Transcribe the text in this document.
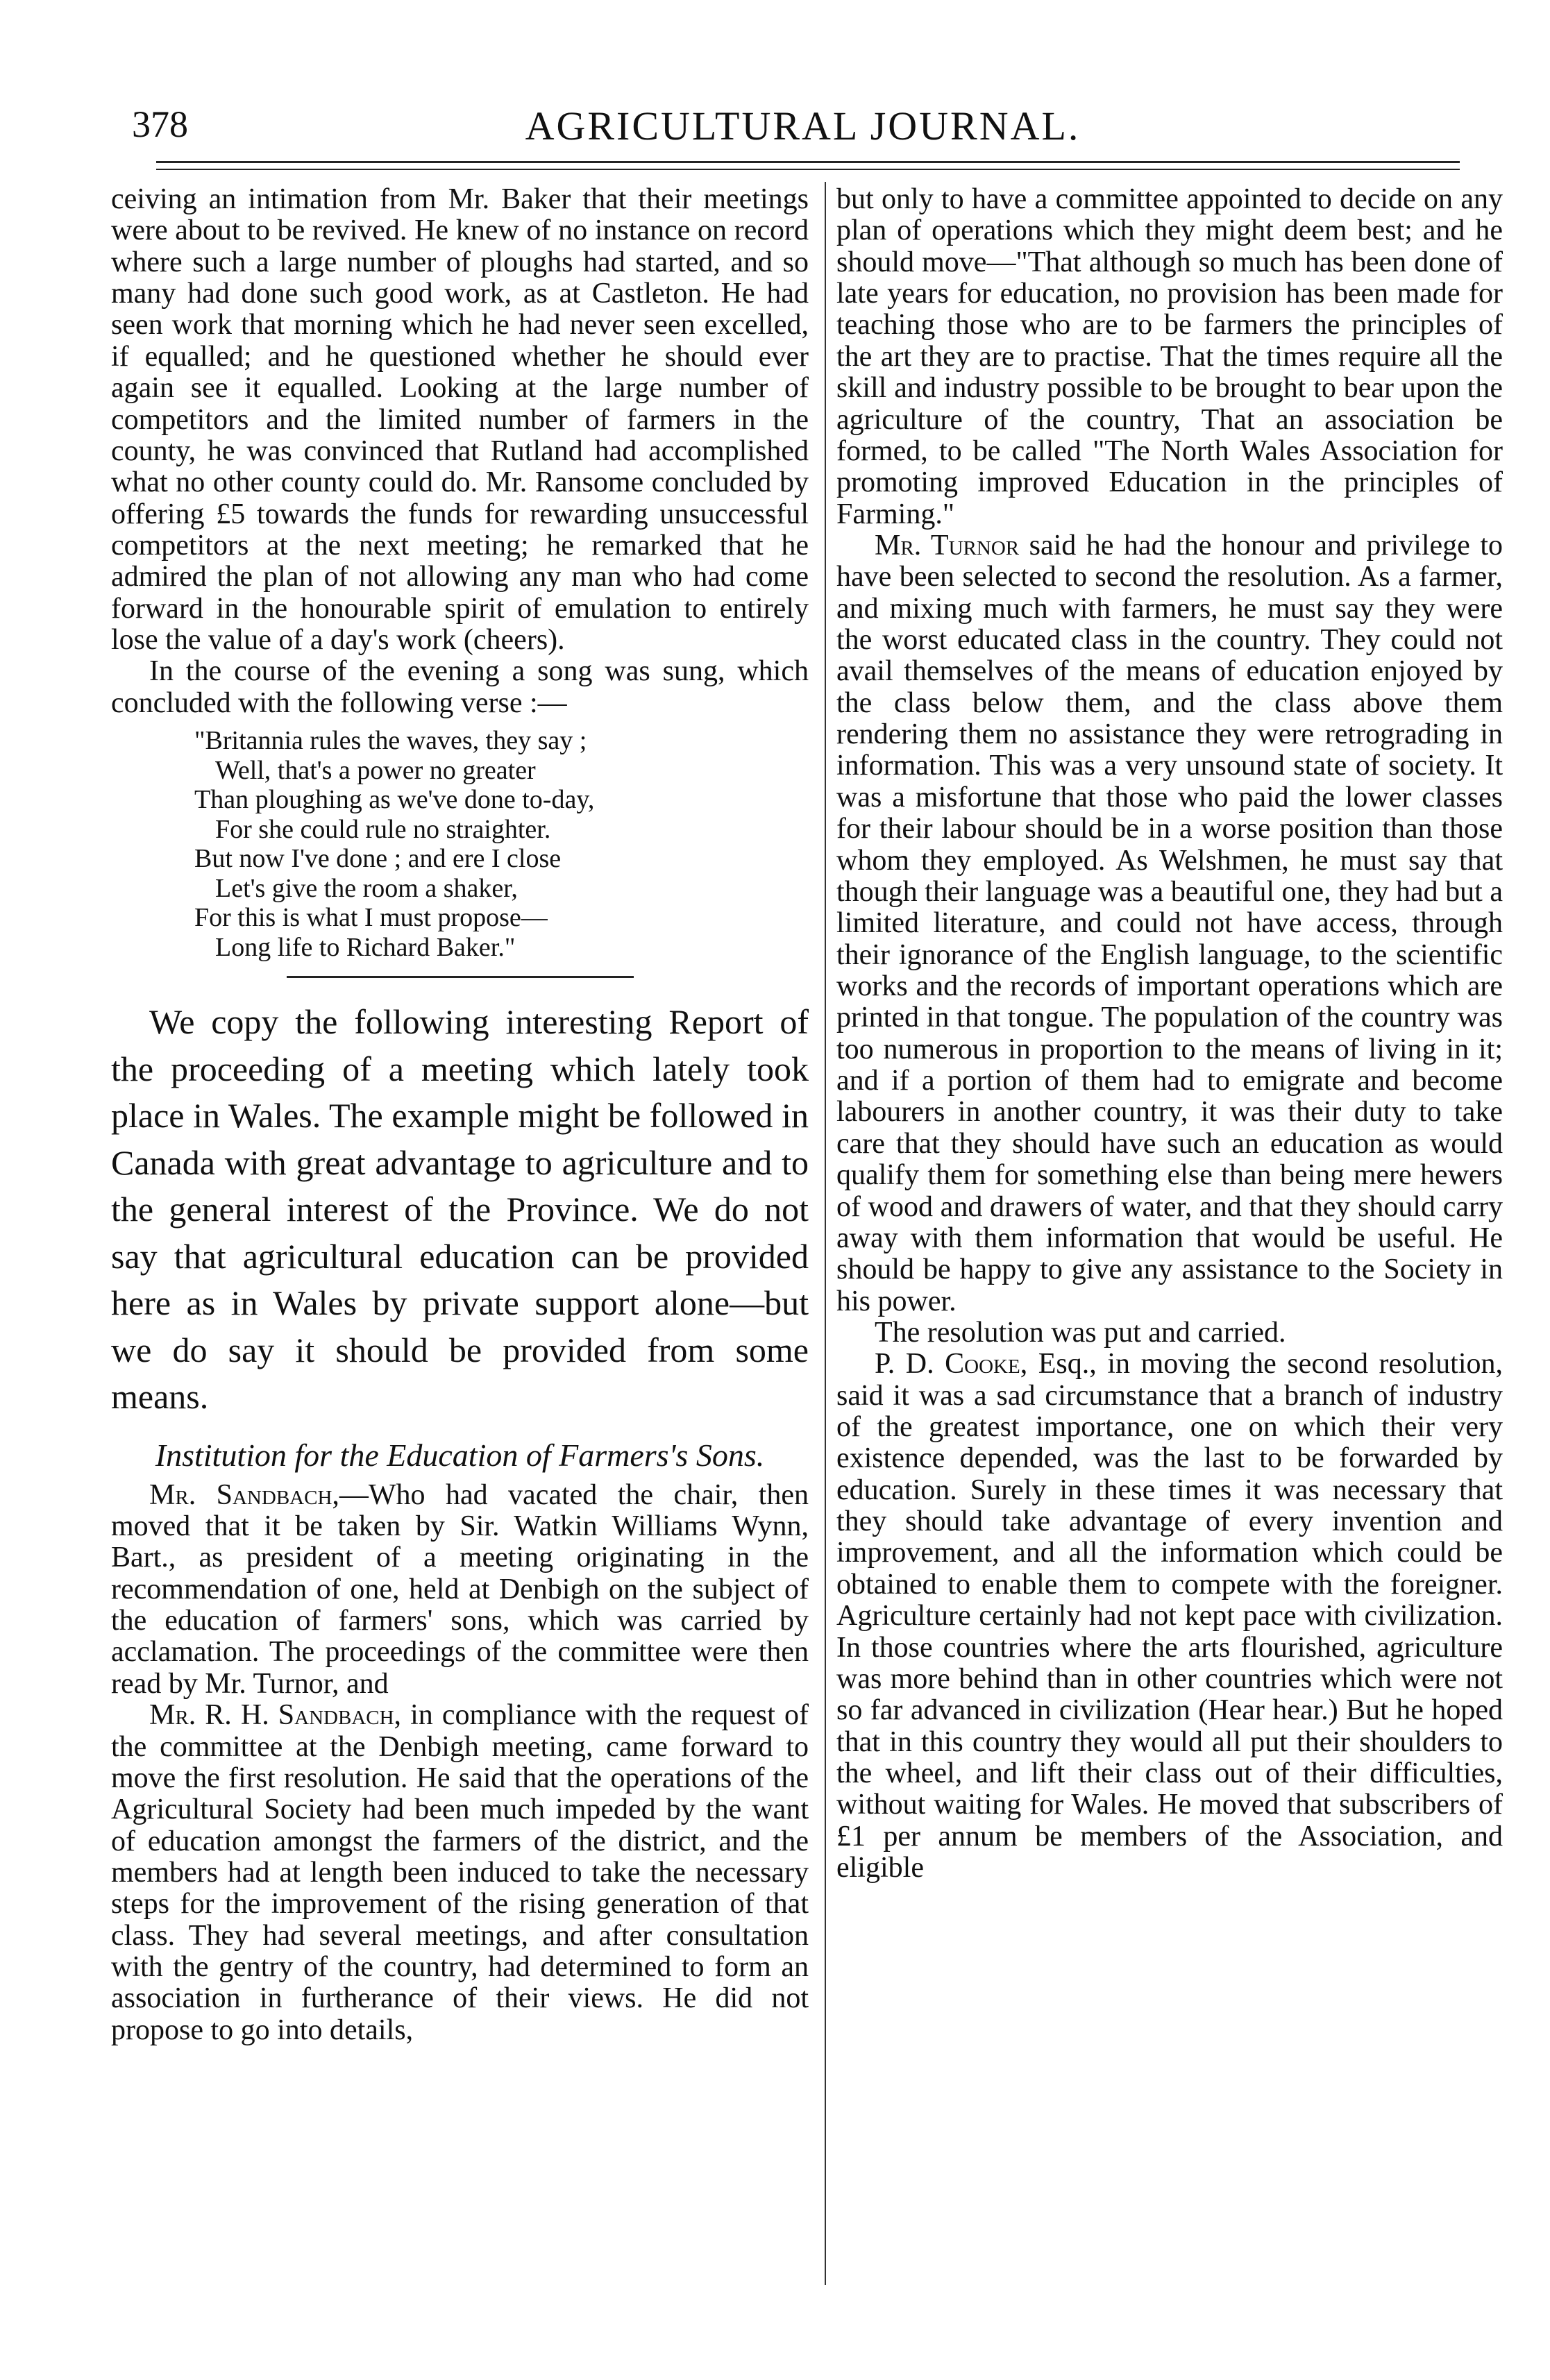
378	AGRICULTURAL JOURNAL.

ceiving an intimation from Mr. Baker that their meetings were about to be revived. He knew of no instance on record where such a large number of ploughs had started, and so many had done such good work, as at Castleton. He had seen work that morning which he had never seen excelled, if equalled; and he questioned whether he should ever again see it equalled. Looking at the large number of competitors and the limited number of farmers in the county, he was convinced that Rutland had accomplished what no other county could do. Mr. Ransome concluded by offering £5 towards the funds for rewarding unsuccessful competitors at the next meeting; he remarked that he admired the plan of not allowing any man who had come forward in the honourable spirit of emulation to entirely lose the value of a day's work (cheers).

In the course of the evening a song was sung, which concluded with the following verse :—

"Britannia rules the waves, they say ;
Well, that's a power no greater
Than ploughing as we've done to-day,
For she could rule no straighter.
But now I've done ; and ere I close
Let's give the room a shaker,
For this is what I must propose—
Long life to Richard Baker."

We copy the following interesting Report of the proceeding of a meeting which lately took place in Wales. The example might be followed in Canada with great advantage to agriculture and to the general interest of the Province. We do not say that agricultural education can be provided here as in Wales by private support alone—but we do say it should be provided from some means.

Institution for the Education of Farmers's Sons.

Mr. Sandbach,—Who had vacated the chair, then moved that it be taken by Sir. Watkin Williams Wynn, Bart., as president of a meeting originating in the recommendation of one, held at Denbigh on the subject of the education of farmers' sons, which was carried by acclamation. The proceedings of the committee were then read by Mr. Turnor, and

Mr. R. H. Sandbach, in compliance with the request of the committee at the Denbigh meeting, came forward to move the first resolution. He said that the operations of the Agricultural Society had been much impeded by the want of education amongst the farmers of the district, and the members had at length been induced to take the necessary steps for the improvement of the rising generation of that class. They had several meetings, and after consultation with the gentry of the country, had determined to form an association in furtherance of their views. He did not propose to go into details,

but only to have a committee appointed to decide on any plan of operations which they might deem best; and he should move—"That although so much has been done of late years for education, no provision has been made for teaching those who are to be farmers the principles of the art they are to practise. That the times require all the skill and industry possible to be brought to bear upon the agriculture of the country, That an association be formed, to be called "The North Wales Association for promoting improved Education in the principles of Farming."

Mr. Turnor said he had the honour and privilege to have been selected to second the resolution. As a farmer, and mixing much with farmers, he must say they were the worst educated class in the country. They could not avail themselves of the means of education enjoyed by the class below them, and the class above them rendering them no assistance they were retrograding in information. This was a very unsound state of society. It was a misfortune that those who paid the lower classes for their labour should be in a worse position than those whom they employed. As Welshmen, he must say that though their language was a beautiful one, they had but a limited literature, and could not have access, through their ignorance of the English language, to the scientific works and the records of important operations which are printed in that tongue. The population of the country was too numerous in proportion to the means of living in it; and if a portion of them had to emigrate and become labourers in another country, it was their duty to take care that they should have such an education as would qualify them for something else than being mere hewers of wood and drawers of water, and that they should carry away with them information that would be useful. He should be happy to give any assistance to the Society in his power.

The resolution was put and carried.

P. D. Cooke, Esq., in moving the second resolution, said it was a sad circumstance that a branch of industry of the greatest importance, one on which their very existence depended, was the last to be forwarded by education. Surely in these times it was necessary that they should take advantage of every invention and improvement, and all the information which could be obtained to enable them to compete with the foreigner. Agriculture certainly had not kept pace with civilization. In those countries where the arts flourished, agriculture was more behind than in other countries which were not so far advanced in civilization (Hear hear.) But he hoped that in this country they would all put their shoulders to the wheel, and lift their class out of their difficulties, without waiting for Wales. He moved that subscribers of £1 per annum be members of the Association, and eligible
